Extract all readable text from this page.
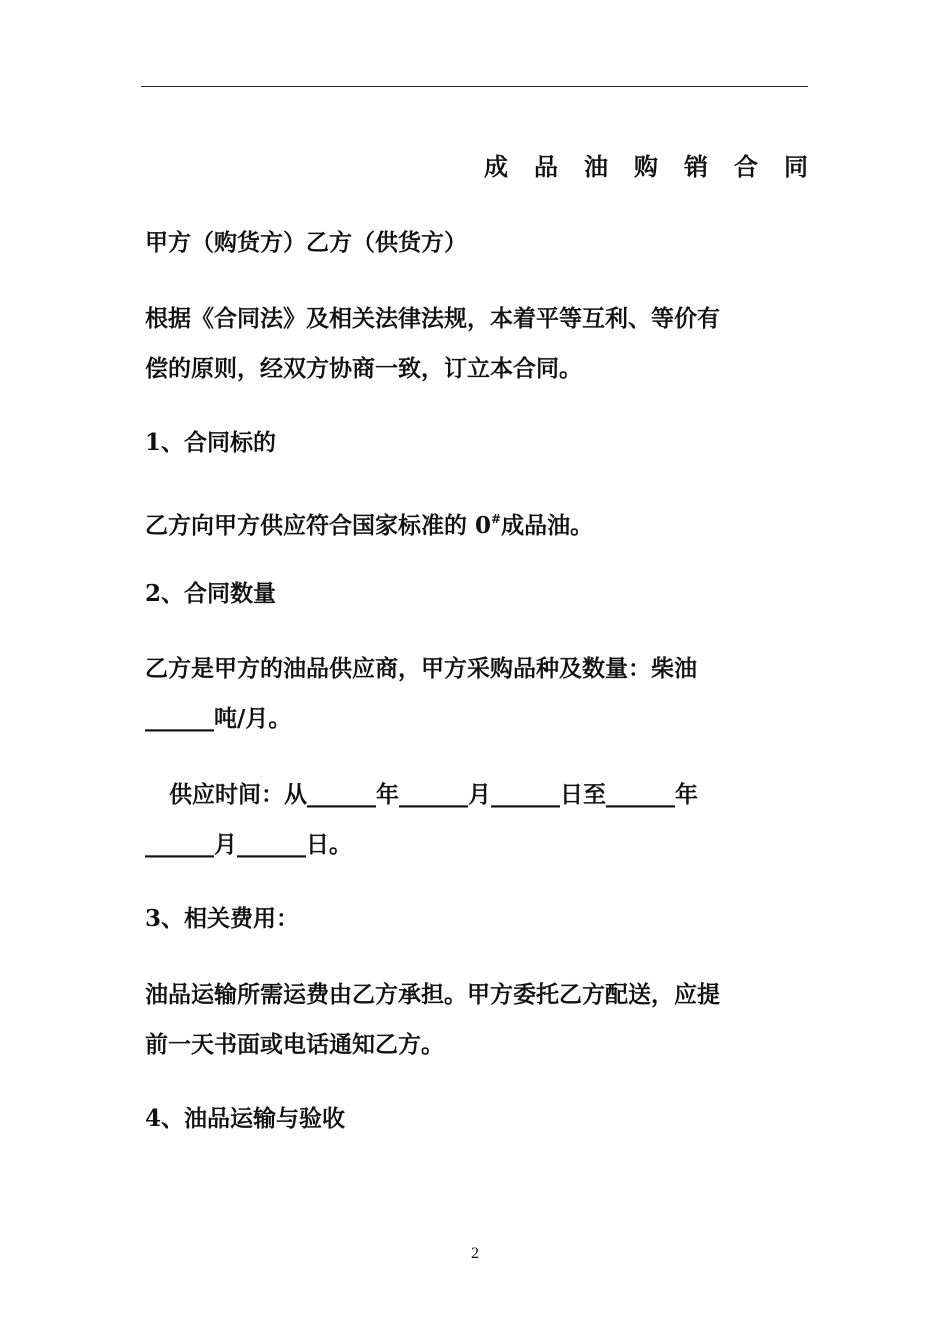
成品油购销合同
甲方（购货方）乙方（供货方）
根据《合同法》及相关法律法规，本着平等互利、等价有
偿的原则，经双方协商一致，订立本合同。
1、合同标的
乙方向甲方供应符合国家标准的 0#成品油。
2、合同数量
乙方是甲方的油品供应商，甲方采购品种及数量：柴油
______吨/月。
供应时间：从______年______月______日至______年
______月______日。
3、相关费用：
油品运输所需运费由乙方承担。甲方委托乙方配送，应提
前一天书面或电话通知乙方。
4、油品运输与验收
2
